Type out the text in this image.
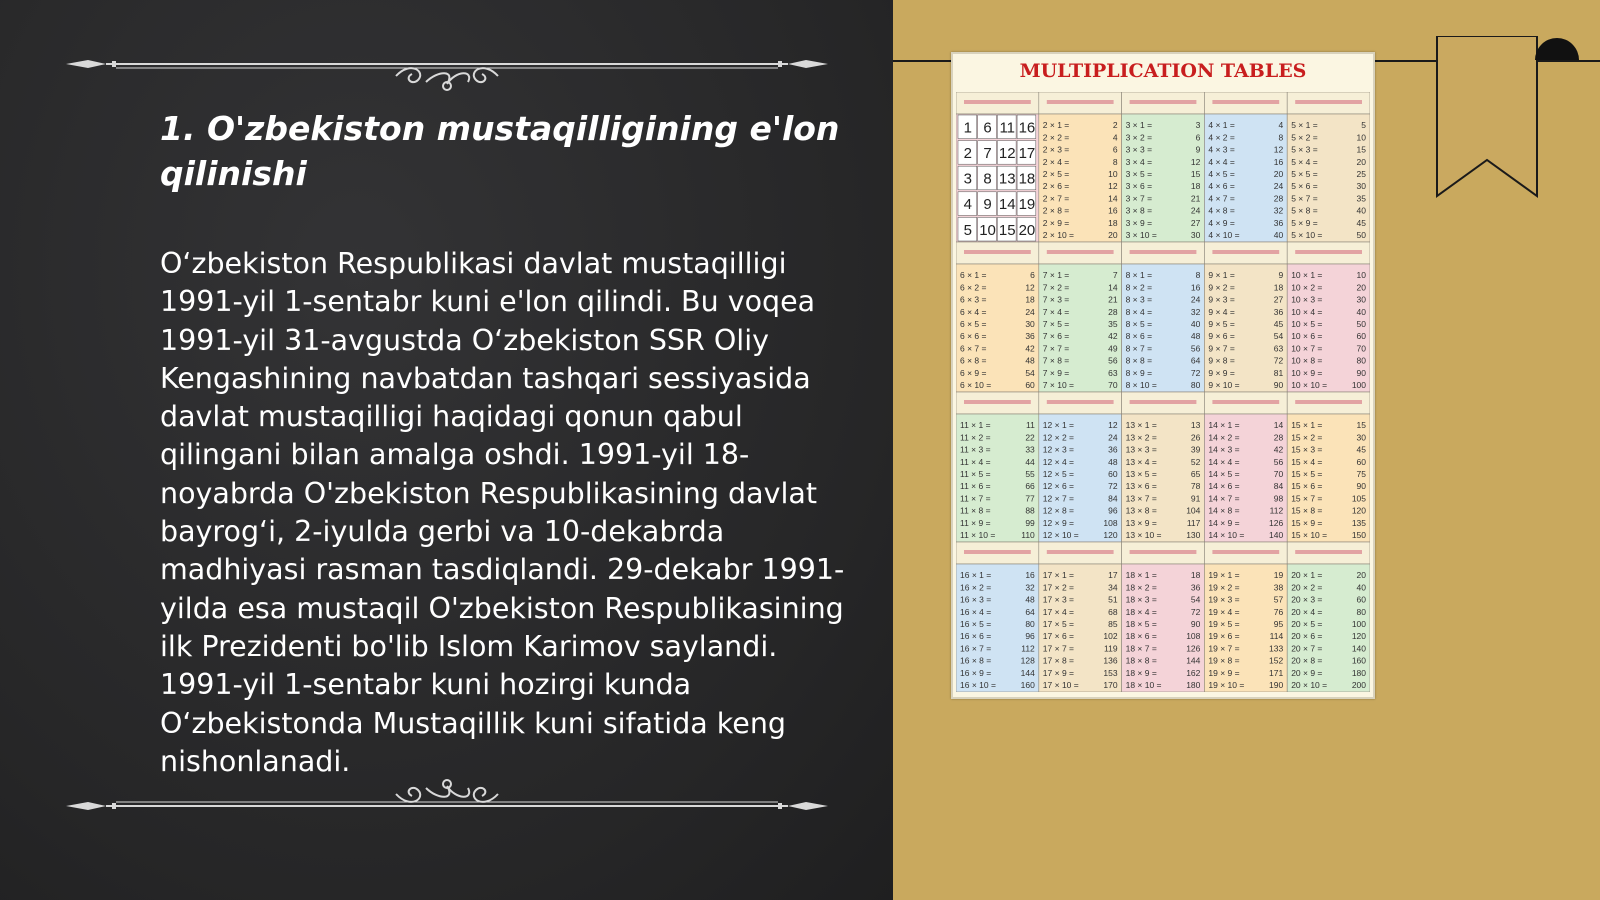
1. O'zbekiston mustaqilligining e'lon qilinishi

O‘zbekiston Respublikasi davlat mustaqilligi 1991-yil 1-sentabr kuni e'lon qilindi. Bu voqea 1991-yil 31-avgustda O‘zbekiston SSR Oliy Kengashining navbatdan tashqari sessiyasida davlat mustaqilligi haqidagi qonun qabul qilingani bilan amalga oshdi. 1991-yil 18-noyabrda O'zbekiston Respublikasining davlat bayrog‘i, 2-iyulda gerbi va 10-dekabrda madhiyasi rasman tasdiqlandi. 29-dekabr 1991-yilda esa mustaqil O'zbekiston Respublikasining ilk Prezidenti bo'lib Islom Karimov saylandi. 1991-yil 1-sentabr kuni hozirgi kunda O‘zbekistonda Mustaqillik kuni sifatida keng nishonlanadi.

MULTIPLICATION TABLES
1 6 11 16
2 7 12 17
3 8 13 18
4 9 14 19
5 10 15 20
2 × 1 =	2
2 × 2 =	4
2 × 3 =	6
2 × 4 =	8
2 × 5 =	10
2 × 6 =	12
2 × 7 =	14
2 × 8 =	16
2 × 9 =	18
2 × 10 =	20
3 × 1 =	3
3 × 2 =	6
3 × 3 =	9
3 × 4 =	12
3 × 5 =	15
3 × 6 =	18
3 × 7 =	21
3 × 8 =	24
3 × 9 =	27
3 × 10 =	30
4 × 1 =	4
4 × 2 =	8
4 × 3 =	12
4 × 4 =	16
4 × 5 =	20
4 × 6 =	24
4 × 7 =	28
4 × 8 =	32
4 × 9 =	36
4 × 10 =	40
5 × 1 =	5
5 × 2 =	10
5 × 3 =	15
5 × 4 =	20
5 × 5 =	25
5 × 6 =	30
5 × 7 =	35
5 × 8 =	40
5 × 9 =	45
5 × 10 =	50
6 × 1 =	6
6 × 2 =	12
6 × 3 =	18
6 × 4 =	24
6 × 5 =	30
6 × 6 =	36
6 × 7 =	42
6 × 8 =	48
6 × 9 =	54
6 × 10 =	60
7 × 1 =	7
7 × 2 =	14
7 × 3 =	21
7 × 4 =	28
7 × 5 =	35
7 × 6 =	42
7 × 7 =	49
7 × 8 =	56
7 × 9 =	63
7 × 10 =	70
8 × 1 =	8
8 × 2 =	16
8 × 3 =	24
8 × 4 =	32
8 × 5 =	40
8 × 6 =	48
8 × 7 =	56
8 × 8 =	64
8 × 9 =	72
8 × 10 =	80
9 × 1 =	9
9 × 2 =	18
9 × 3 =	27
9 × 4 =	36
9 × 5 =	45
9 × 6 =	54
9 × 7 =	63
9 × 8 =	72
9 × 9 =	81
9 × 10 =	90
10 × 1 =	10
10 × 2 =	20
10 × 3 =	30
10 × 4 =	40
10 × 5 =	50
10 × 6 =	60
10 × 7 =	70
10 × 8 =	80
10 × 9 =	90
10 × 10 =	100
11 × 1 =	11
11 × 2 =	22
11 × 3 =	33
11 × 4 =	44
11 × 5 =	55
11 × 6 =	66
11 × 7 =	77
11 × 8 =	88
11 × 9 =	99
11 × 10 =	110
12 × 1 =	12
12 × 2 =	24
12 × 3 =	36
12 × 4 =	48
12 × 5 =	60
12 × 6 =	72
12 × 7 =	84
12 × 8 =	96
12 × 9 =	108
12 × 10 =	120
13 × 1 =	13
13 × 2 =	26
13 × 3 =	39
13 × 4 =	52
13 × 5 =	65
13 × 6 =	78
13 × 7 =	91
13 × 8 =	104
13 × 9 =	117
13 × 10 =	130
14 × 1 =	14
14 × 2 =	28
14 × 3 =	42
14 × 4 =	56
14 × 5 =	70
14 × 6 =	84
14 × 7 =	98
14 × 8 =	112
14 × 9 =	126
14 × 10 =	140
15 × 1 =	15
15 × 2 =	30
15 × 3 =	45
15 × 4 =	60
15 × 5 =	75
15 × 6 =	90
15 × 7 =	105
15 × 8 =	120
15 × 9 =	135
15 × 10 =	150
16 × 1 =	16
16 × 2 =	32
16 × 3 =	48
16 × 4 =	64
16 × 5 =	80
16 × 6 =	96
16 × 7 =	112
16 × 8 =	128
16 × 9 =	144
16 × 10 =	160
17 × 1 =	17
17 × 2 =	34
17 × 3 =	51
17 × 4 =	68
17 × 5 =	85
17 × 6 =	102
17 × 7 =	119
17 × 8 =	136
17 × 9 =	153
17 × 10 =	170
18 × 1 =	18
18 × 2 =	36
18 × 3 =	54
18 × 4 =	72
18 × 5 =	90
18 × 6 =	108
18 × 7 =	126
18 × 8 =	144
18 × 9 =	162
18 × 10 =	180
19 × 1 =	19
19 × 2 =	38
19 × 3 =	57
19 × 4 =	76
19 × 5 =	95
19 × 6 =	114
19 × 7 =	133
19 × 8 =	152
19 × 9 =	171
19 × 10 =	190
20 × 1 =	20
20 × 2 =	40
20 × 3 =	60
20 × 4 =	80
20 × 5 =	100
20 × 6 =	120
20 × 7 =	140
20 × 8 =	160
20 × 9 =	180
20 × 10 =	200
